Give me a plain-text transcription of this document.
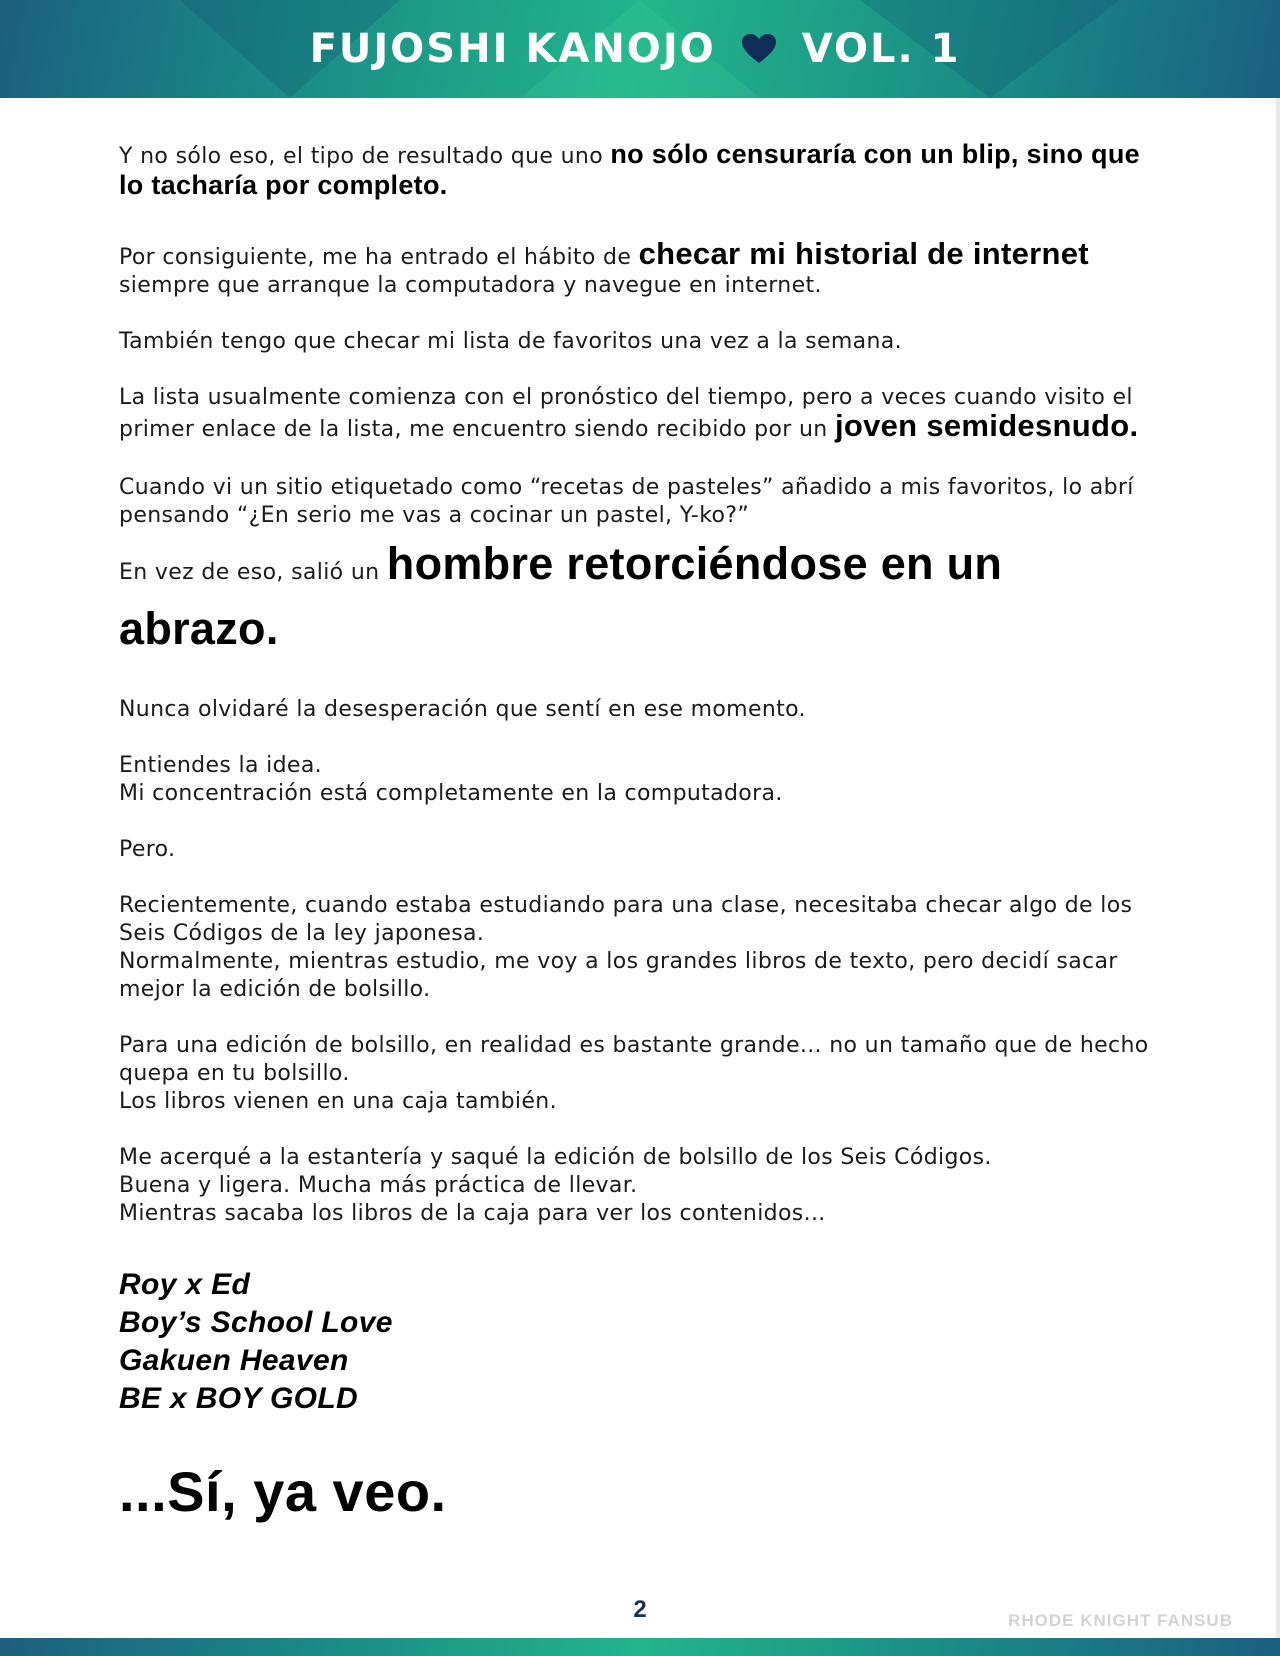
FUJOSHI KANOJO VOL. 1

Y no sólo eso, el tipo de resultado que uno no sólo censuraría con un blip, sino que lo tacharía por completo.

Por consiguiente, me ha entrado el hábito de checar mi historial de internet siempre que arranque la computadora y navegue en internet.

También tengo que checar mi lista de favoritos una vez a la semana.

La lista usualmente comienza con el pronóstico del tiempo, pero a veces cuando visito el primer enlace de la lista, me encuentro siendo recibido por un joven semidesnudo.

Cuando vi un sitio etiquetado como “recetas de pasteles” añadido a mis favoritos, lo abrí pensando “¿En serio me vas a cocinar un pastel, Y-ko?”

En vez de eso, salió un hombre retorciéndose en un abrazo.

Nunca olvidaré la desesperación que sentí en ese momento.

Entiendes la idea.

Mi concentración está completamente en la computadora.

Pero.

Recientemente, cuando estaba estudiando para una clase, necesitaba checar algo de los Seis Códigos de la ley japonesa.

Normalmente, mientras estudio, me voy a los grandes libros de texto, pero decidí sacar mejor la edición de bolsillo.

Para una edición de bolsillo, en realidad es bastante grande... no un tamaño que de hecho quepa en tu bolsillo.

Los libros vienen en una caja también.

Me acerqué a la estantería y saqué la edición de bolsillo de los Seis Códigos.

Buena y ligera. Mucha más práctica de llevar.

Mientras sacaba los libros de la caja para ver los contenidos...

Roy x Ed
Boy’s School Love
Gakuen Heaven
BE x BOY GOLD
...Sí, ya veo.
2	RHODE KNIGHT FANSUB
